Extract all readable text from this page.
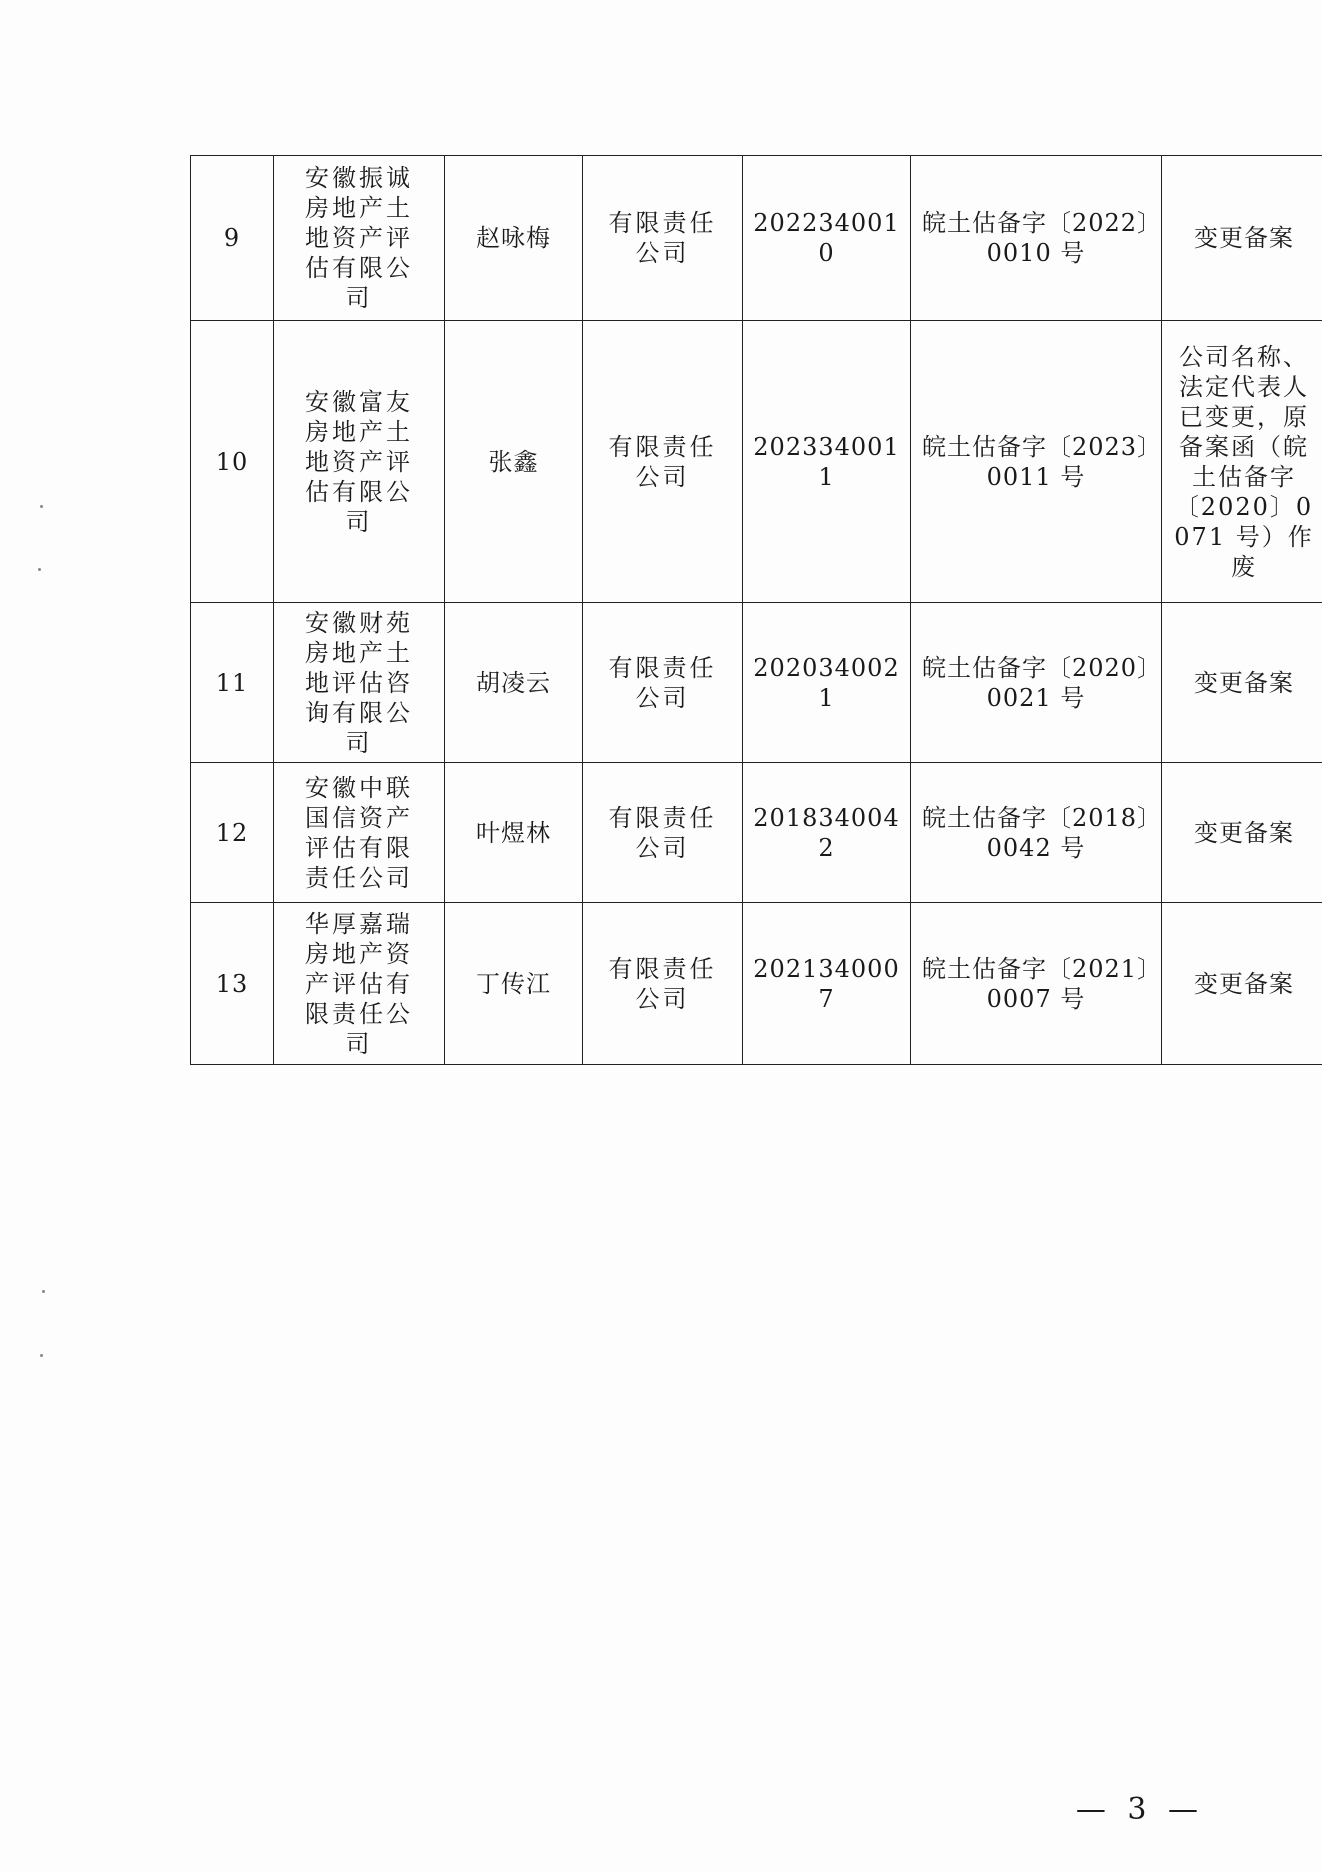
9	安徽振诚房地产土地资产评估有限公司	赵咏梅	有限责任公司	2022340010	皖土估备字〔2022〕0010 号	变更备案
10	安徽富友房地产土地资产评估有限公司	张鑫	有限责任公司	2023340011	皖土估备字〔2023〕0011 号	公司名称、法定代表人已变更，原备案函（皖土估备字〔2020〕0071 号）作废
11	安徽财苑房地产土地评估咨询有限公司	胡凌云	有限责任公司	2020340021	皖土估备字〔2020〕0021 号	变更备案
12	安徽中联国信资产评估有限责任公司	叶煜林	有限责任公司	2018340042	皖土估备字〔2018〕0042 号	变更备案
13	华厚嘉瑞房地产资产评估有限责任公司	丁传江	有限责任公司	2021340007	皖土估备字〔2021〕0007 号	变更备案
— 3 —
